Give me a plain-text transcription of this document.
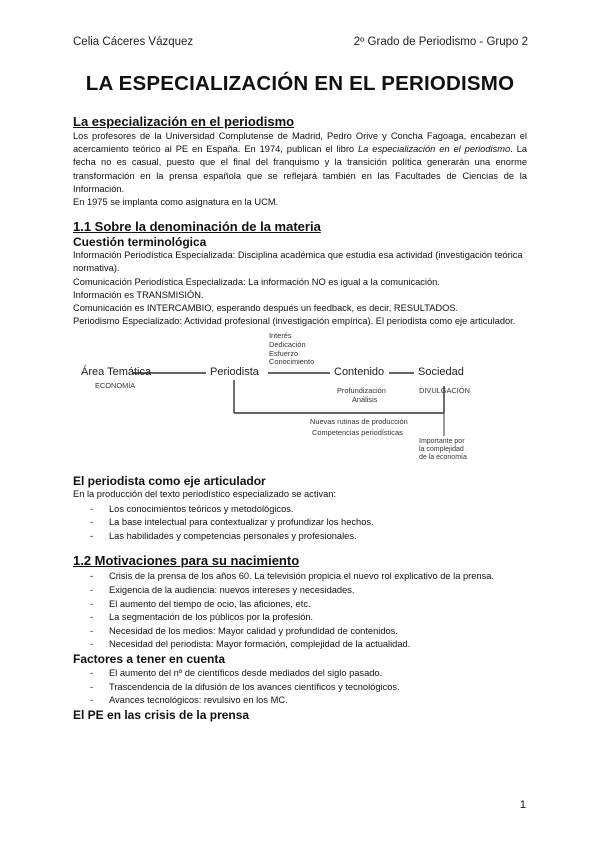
Celia Cáceres Vázquez	2º Grado de Periodismo - Grupo 2
LA ESPECIALIZACIÓN EN EL PERIODISMO
La especialización en el periodismo

Los profesores de la Universidad Complutense de Madrid, Pedro Orive y Concha Fagoaga, encabezan el acercamiento teórico al PE en España. En 1974, publican el libro La especialización en el periodismo. La fecha no es casual, puesto que el final del franquismo y la transición política generarán una enorme transformación en la prensa española que se reflejará también en las Facultades de Ciencias de la Información.

En 1975 se implanta como asignatura en la UCM.

1.1 Sobre la denominación de la materia
Cuestión terminológica

Información Periodística Especializada: Disciplina académica que estudia esa actividad (investigación teórica normativa).

Comunicación Periodística Especializada: La información NO es igual a la comunicación.

Información es TRANSMISIÓN.

Comunicación es INTERCAMBIO, esperando después un feedback, es decir, RESULTADOS.

Periodismo Especializado: Actividad profesional (investigación empírica). El periodista como eje articulador.

Área Temática
ECONOMÍA
Periodista
Interés
Dedicación
Esfuerzo
Conocimiento
Contenido
Profundización
Análisis
Sociedad
DIVULGACIÓN
Nuevas rutinas de producción
Competencias periodísticas
Importante por
la complejidad
de la economía
El periodista como eje articulador

En la producción del texto periodístico especializado se activan:

- Los conocimientos teóricos y metodológicos.
- La base intelectual para contextualizar y profundizar los hechos.
- Las habilidades y competencias personales y profesionales.
1.2 Motivaciones para su nacimiento
- Crisis de la prensa de los años 60. La televisión propicia el nuevo rol explicativo de la prensa.
- Exigencia de la audiencia: nuevos intereses y necesidades.
- El aumento del tiempo de ocio, las aficiones, etc.
- La segmentación de los públicos por la profesión.
- Necesidad de los medios: Mayor calidad y profundidad de contenidos.
- Necesidad del periodista: Mayor formación, complejidad de la actualidad.
Factores a tener en cuenta
- El aumento del nº de científicos desde mediados del siglo pasado.
- Trascendencia de la difusión de los avances científicos y tecnológicos.
- Avances tecnológicos: revulsivo en los MC.
El PE en las crisis de la prensa
1
